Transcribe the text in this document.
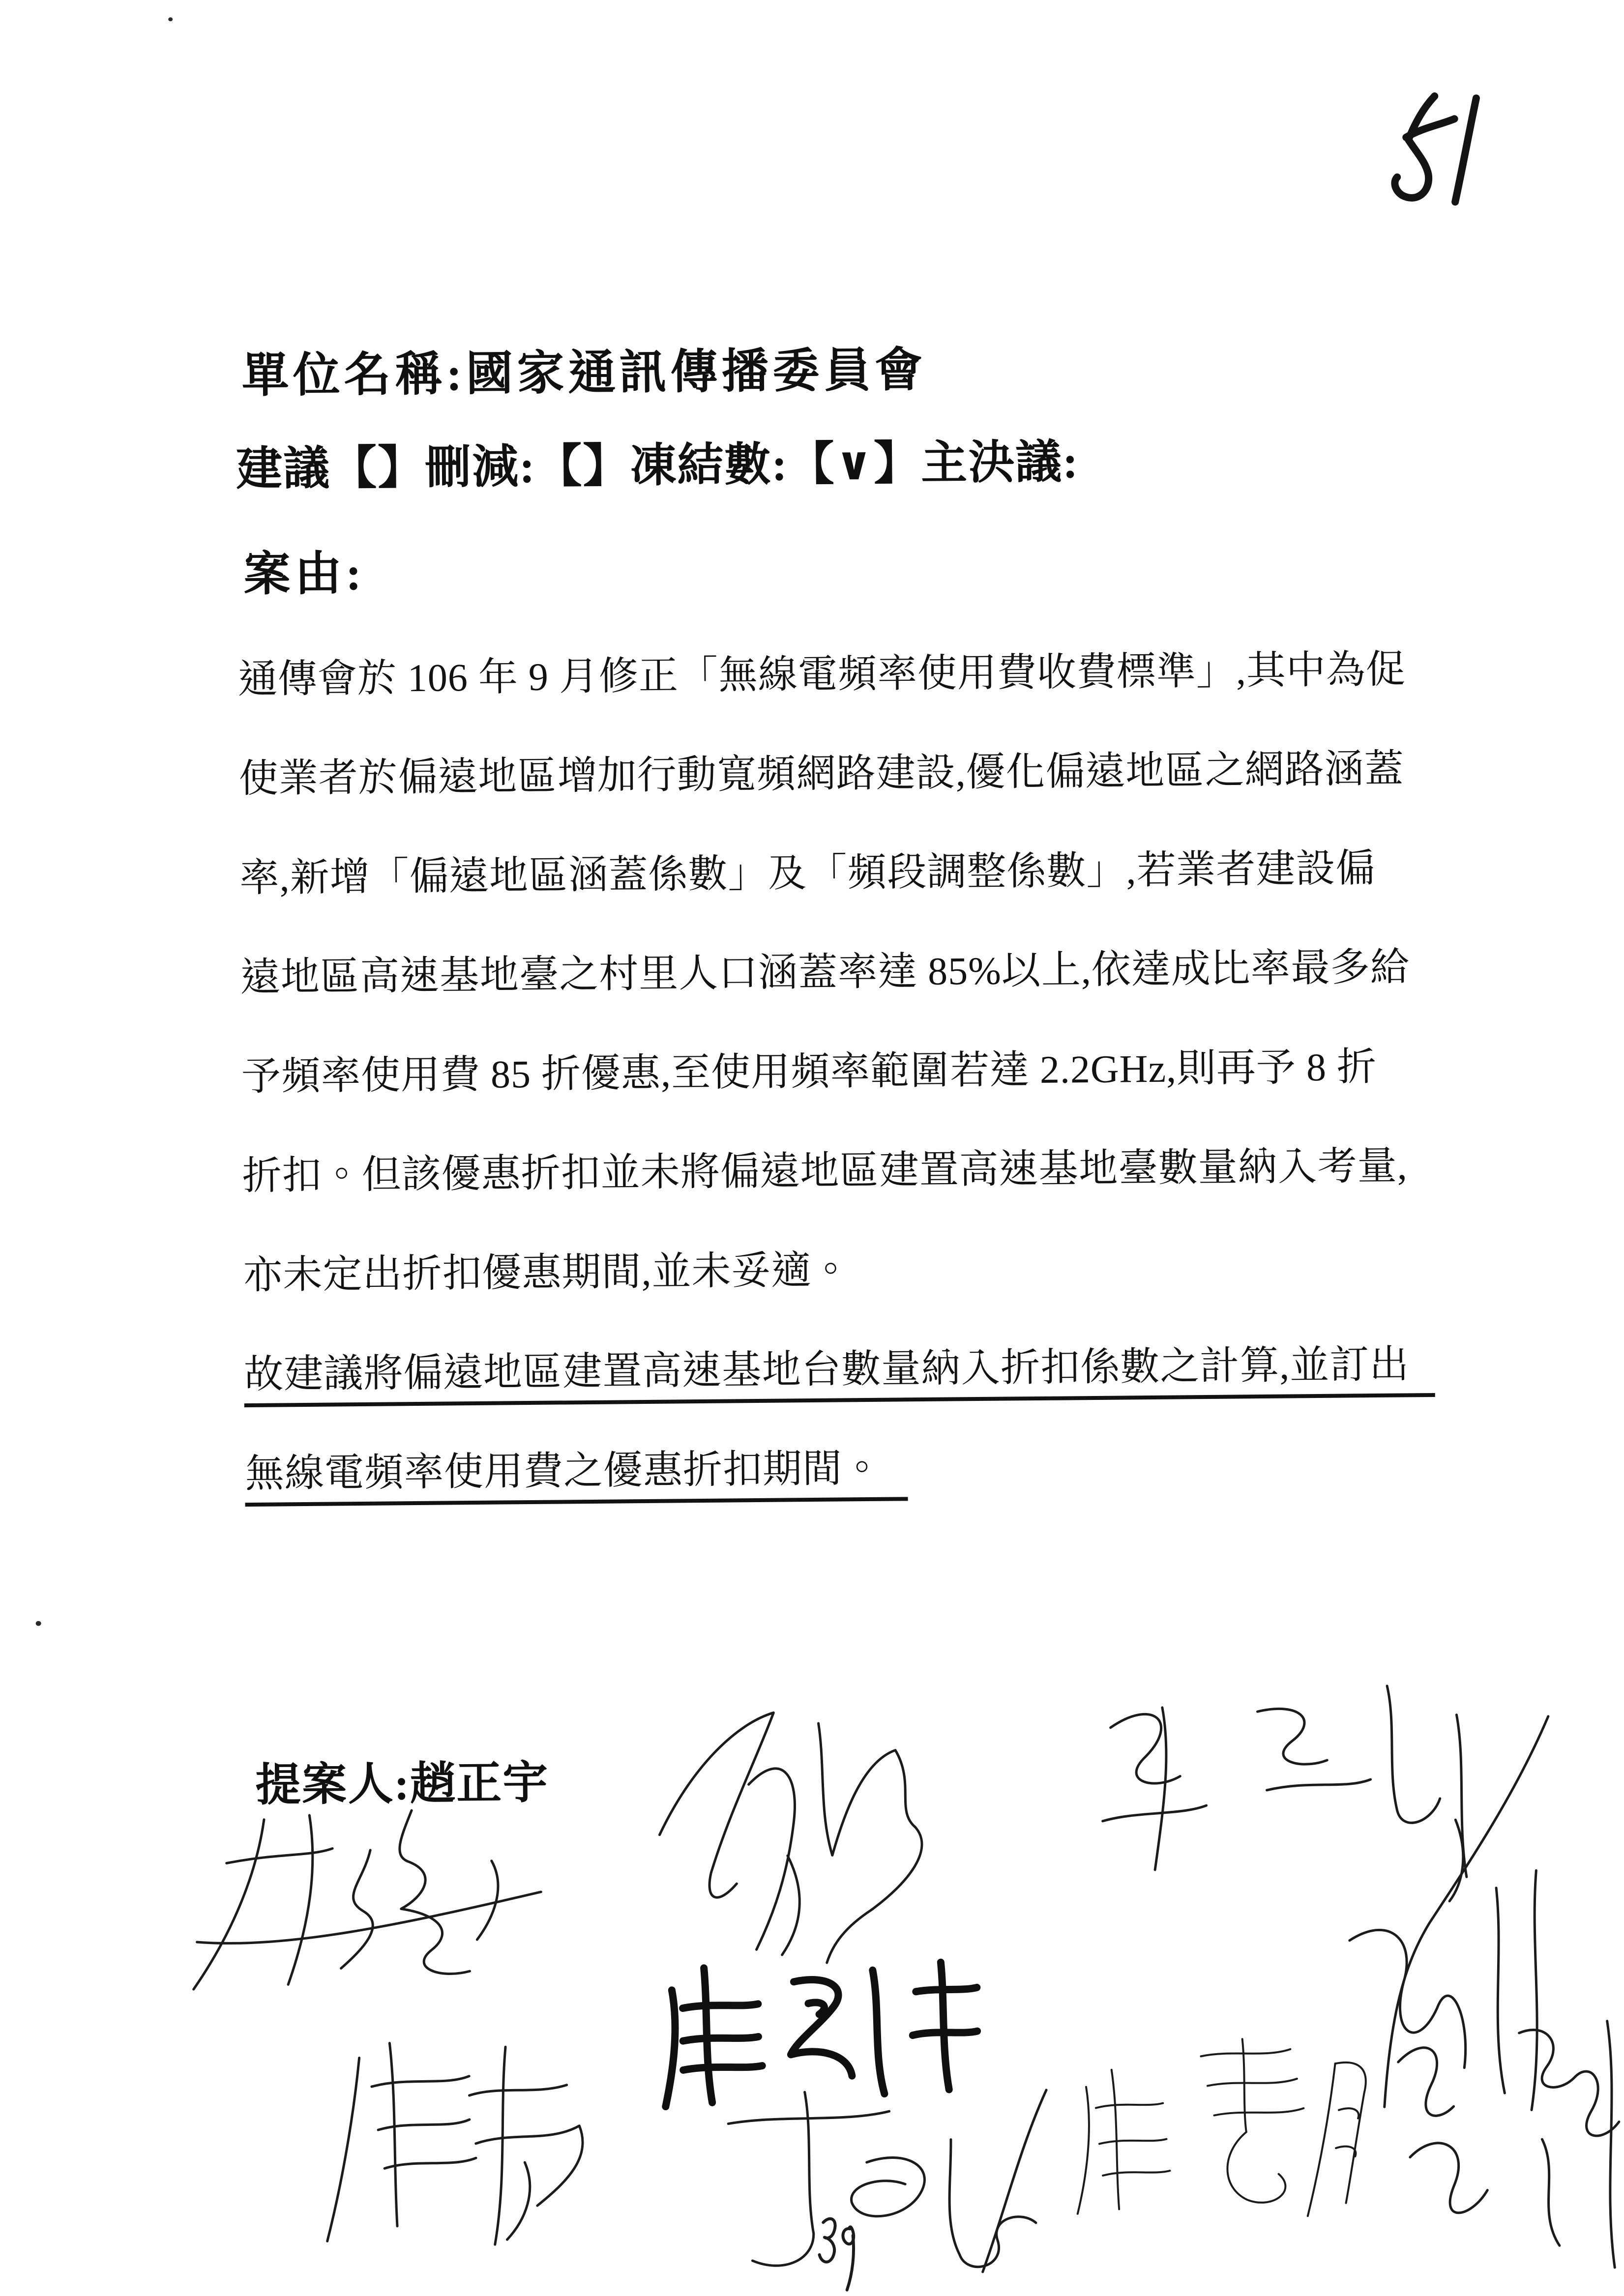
單位名稱:國家通訊傳播委員會
建議【】刪減:【】凍結數:【∨】主決議:
案由:
通傳會於 106 年 9 月修正「無線電頻率使用費收費標準」,其中為促
使業者於偏遠地區增加行動寬頻網路建設,優化偏遠地區之網路涵蓋
率,新增「偏遠地區涵蓋係數」及「頻段調整係數」,若業者建設偏
遠地區高速基地臺之村里人口涵蓋率達 85%以上,依達成比率最多給
予頻率使用費 85 折優惠,至使用頻率範圍若達 2.2GHz,則再予 8 折
折扣。但該優惠折扣並未將偏遠地區建置高速基地臺數量納入考量,
亦未定出折扣優惠期間,並未妥適。
故建議將偏遠地區建置高速基地台數量納入折扣係數之計算,並訂出
無線電頻率使用費之優惠折扣期間。
提案人:趙正宇
